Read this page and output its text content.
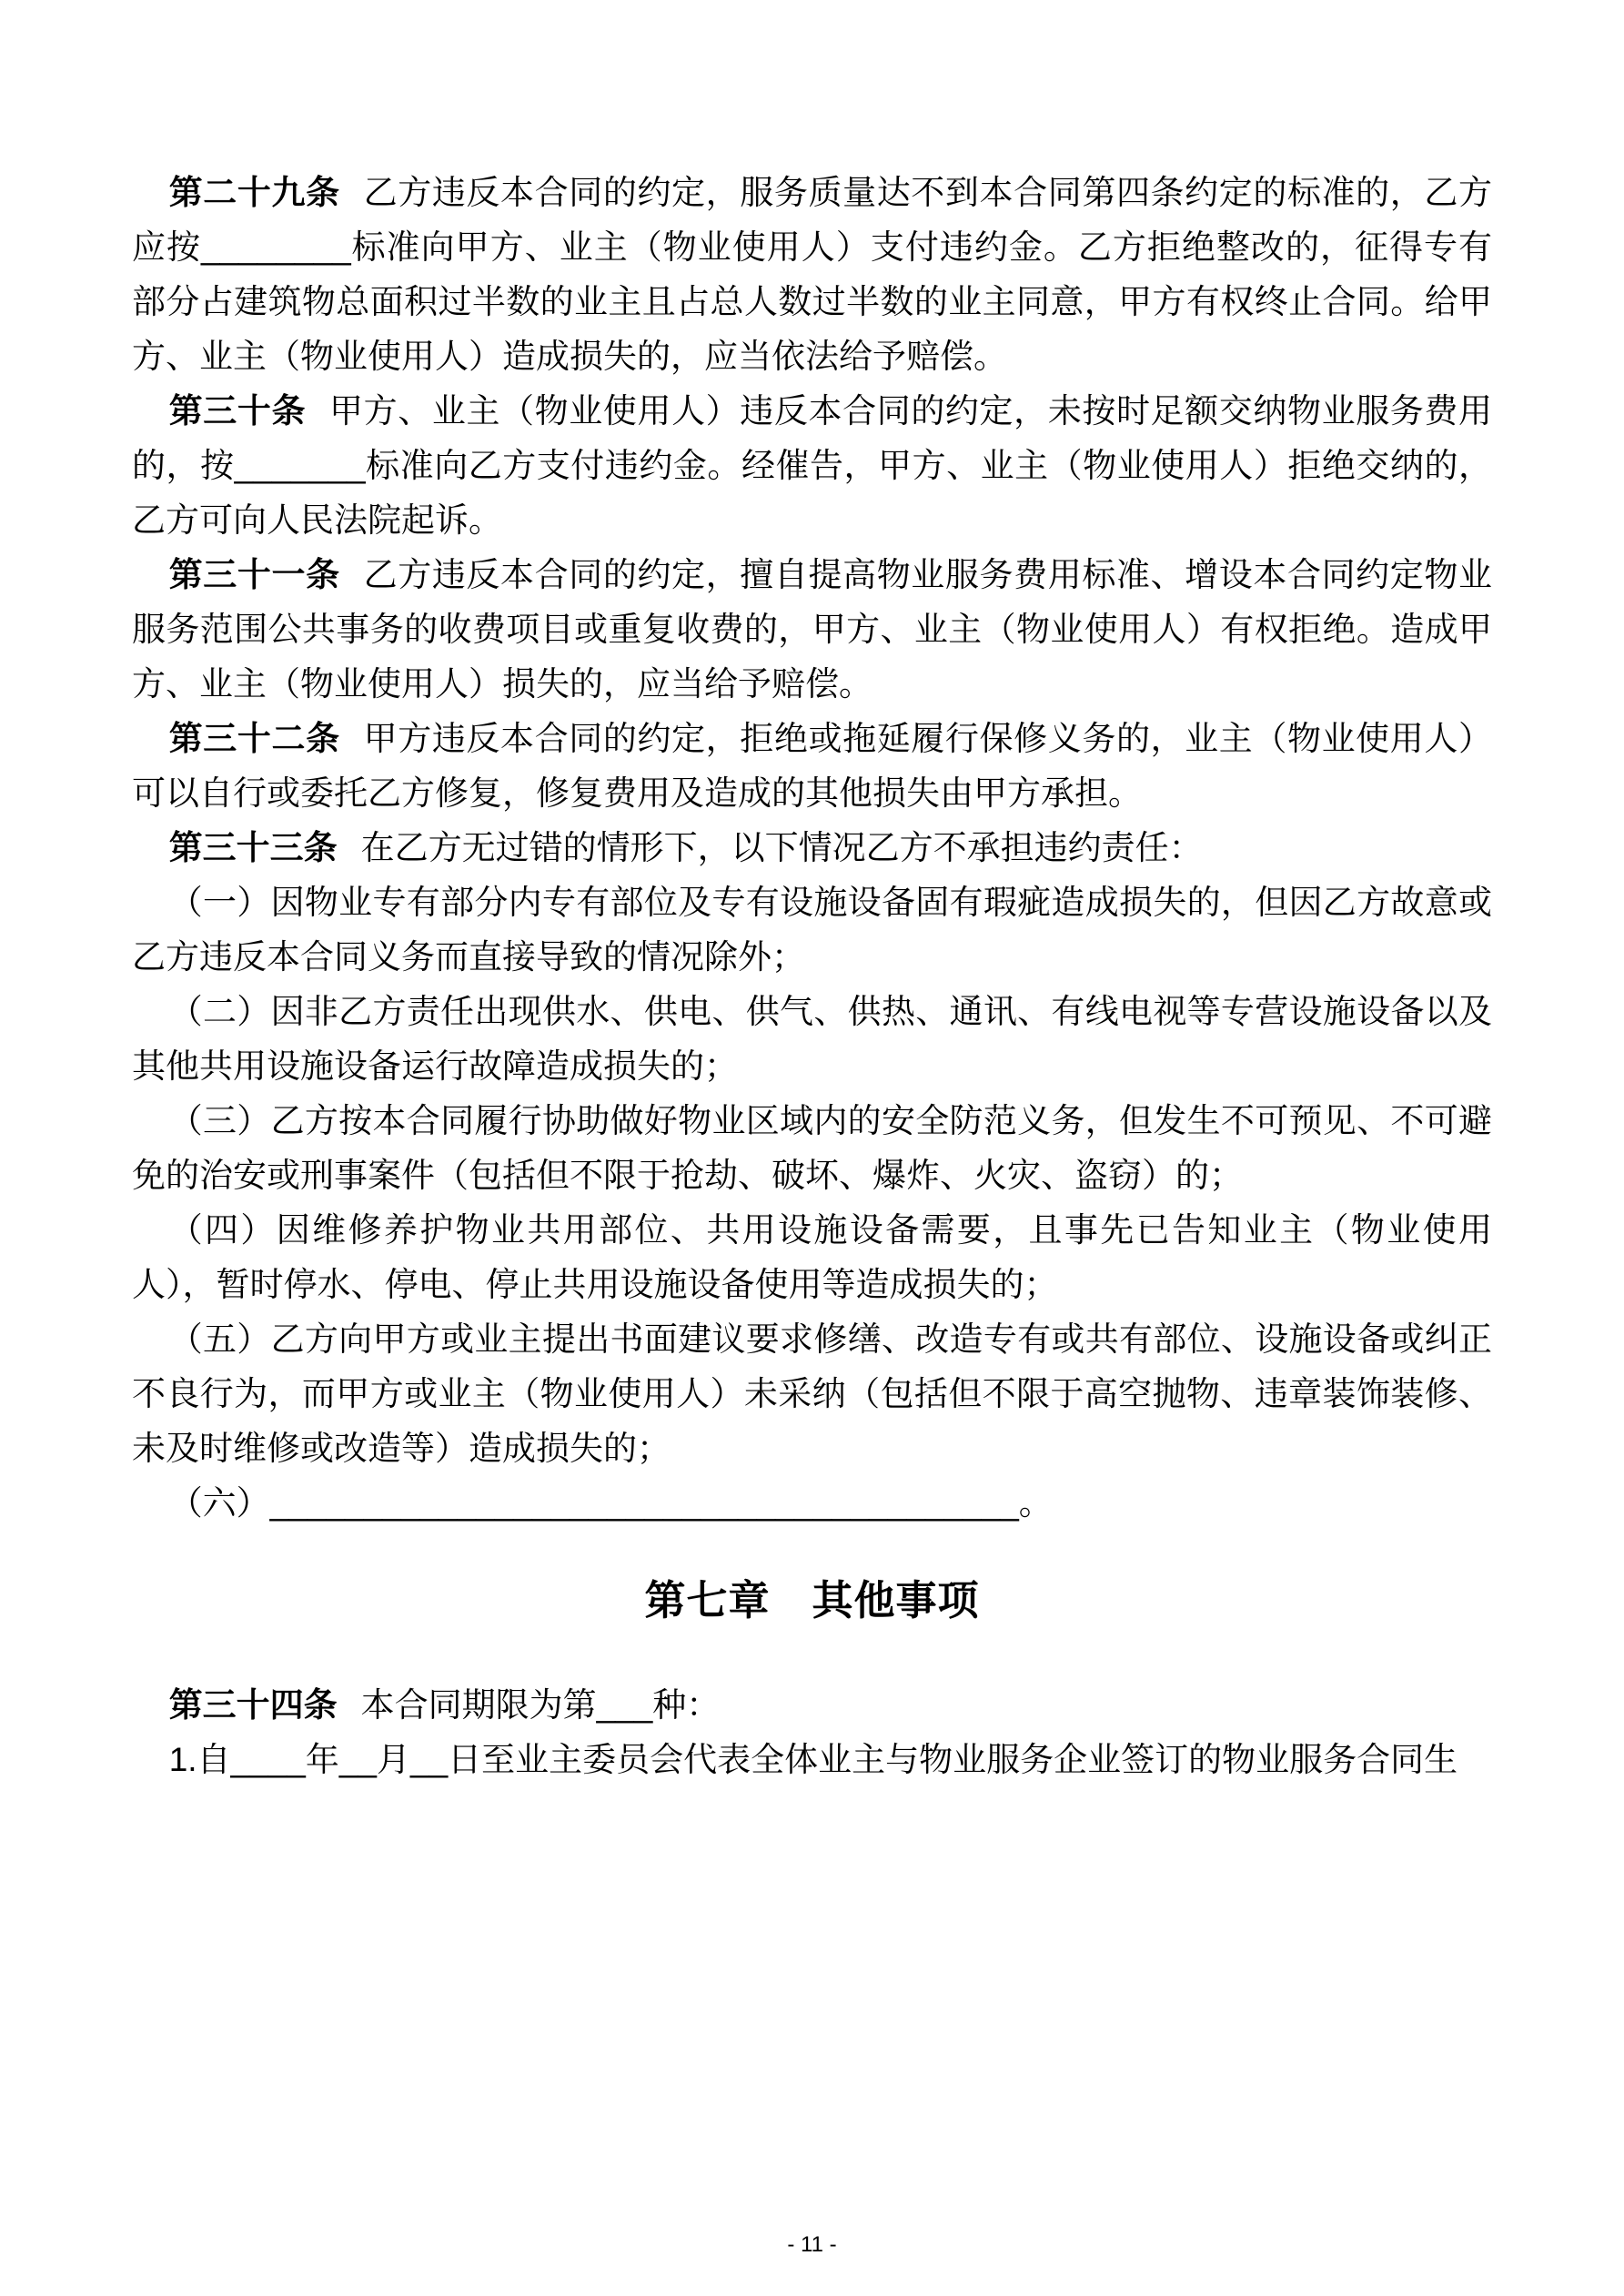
第二十九条 乙方违反本合同的约定，服务质量达不到本合同第四条约定的标准的，乙方应按________标准向甲方、业主（物业使用人）支付违约金。乙方拒绝整改的，征得专有部分占建筑物总面积过半数的业主且占总人数过半数的业主同意，甲方有权终止合同。给甲方、业主（物业使用人）造成损失的，应当依法给予赔偿。

第三十条 甲方、业主（物业使用人）违反本合同的约定，未按时足额交纳物业服务费用的，按_______标准向乙方支付违约金。经催告，甲方、业主（物业使用人）拒绝交纳的，乙方可向人民法院起诉。

第三十一条 乙方违反本合同的约定，擅自提高物业服务费用标准、增设本合同约定物业服务范围公共事务的收费项目或重复收费的，甲方、业主（物业使用人）有权拒绝。造成甲方、业主（物业使用人）损失的，应当给予赔偿。

第三十二条 甲方违反本合同的约定，拒绝或拖延履行保修义务的，业主（物业使用人）可以自行或委托乙方修复，修复费用及造成的其他损失由甲方承担。

第三十三条 在乙方无过错的情形下，以下情况乙方不承担违约责任：

（一）因物业专有部分内专有部位及专有设施设备固有瑕疵造成损失的，但因乙方故意或乙方违反本合同义务而直接导致的情况除外；

（二）因非乙方责任出现供水、供电、供气、供热、通讯、有线电视等专营设施设备以及其他共用设施设备运行故障造成损失的；

（三）乙方按本合同履行协助做好物业区域内的安全防范义务，但发生不可预见、不可避免的治安或刑事案件（包括但不限于抢劫、破坏、爆炸、火灾、盗窃）的；

（四）因维修养护物业共用部位、共用设施设备需要，且事先已告知业主（物业使用人），暂时停水、停电、停止共用设施设备使用等造成损失的；

（五）乙方向甲方或业主提出书面建议要求修缮、改造专有或共有部位、设施设备或纠正不良行为，而甲方或业主（物业使用人）未采纳（包括但不限于高空抛物、违章装饰装修、未及时维修或改造等）造成损失的；

（六）________________________________________。

第七章　其他事项

第三十四条 本合同期限为第___种：

1.自____年__月__日至业主委员会代表全体业主与物业服务企业签订的物业服务合同生

- 11 -
